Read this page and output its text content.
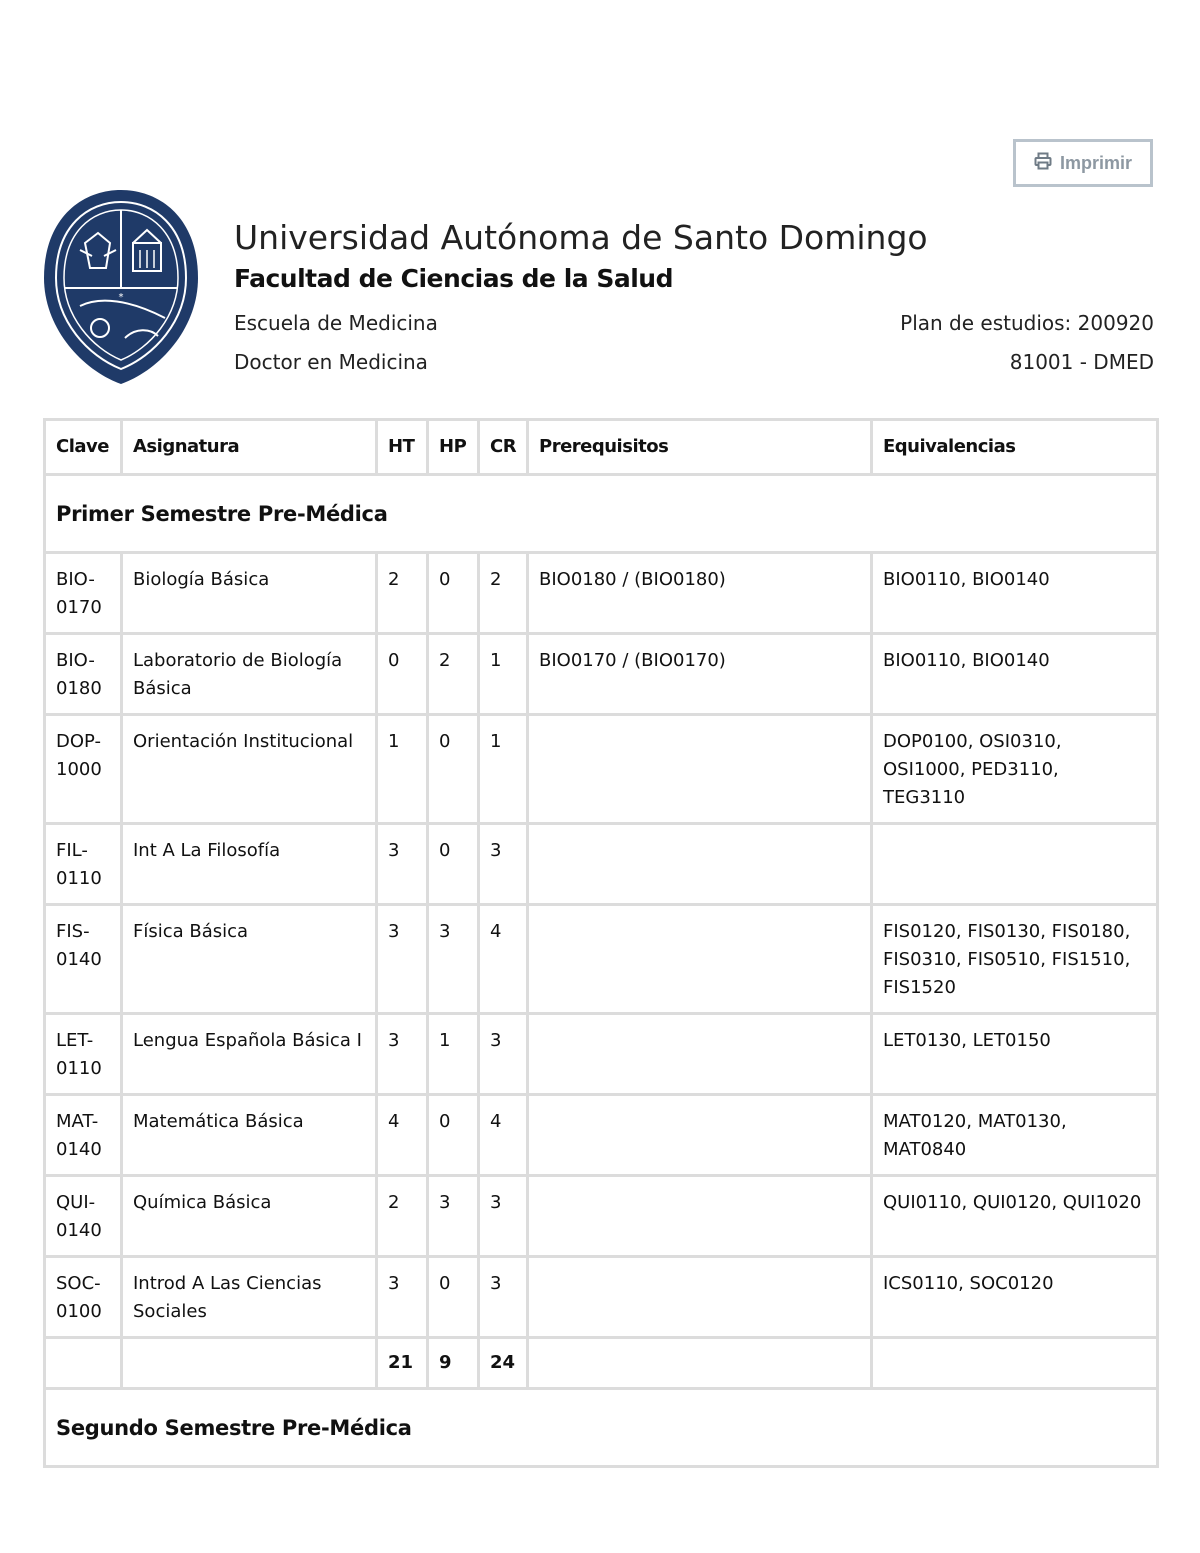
Imprimir
*
Universidad Autónoma de Santo Domingo
Facultad de Ciencias de la Salud
Escuela de Medicina
Doctor en Medicina
Plan de estudios: 200920
81001 - DMED
Clave	Asignatura	HT	HP	CR	Prerequisitos	Equivalencias
Primer Semestre Pre-Médica						
BIO-0170	Biología Básica	2	0	2	BIO0180 / (BIO0180)	BIO0110, BIO0140
BIO-0180	Laboratorio de Biología Básica	0	2	1	BIO0170 / (BIO0170)	BIO0110, BIO0140
DOP-1000	Orientación Institucional	1	0	1		DOP0100, OSI0310, OSI1000, PED3110, TEG3110
FIL-0110	Int A La Filosofía	3	0	3		
FIS-0140	Física Básica	3	3	4		FIS0120, FIS0130, FIS0180, FIS0310, FIS0510, FIS1510, FIS1520
LET-0110	Lengua Española Básica I	3	1	3		LET0130, LET0150
MAT-0140	Matemática Básica	4	0	4		MAT0120, MAT0130, MAT0840
QUI-0140	Química Básica	2	3	3		QUI0110, QUI0120, QUI1020
SOC-0100	Introd A Las Ciencias Sociales	3	0	3		ICS0110, SOC0120
		21	9	24		
Segundo Semestre Pre-Médica						
